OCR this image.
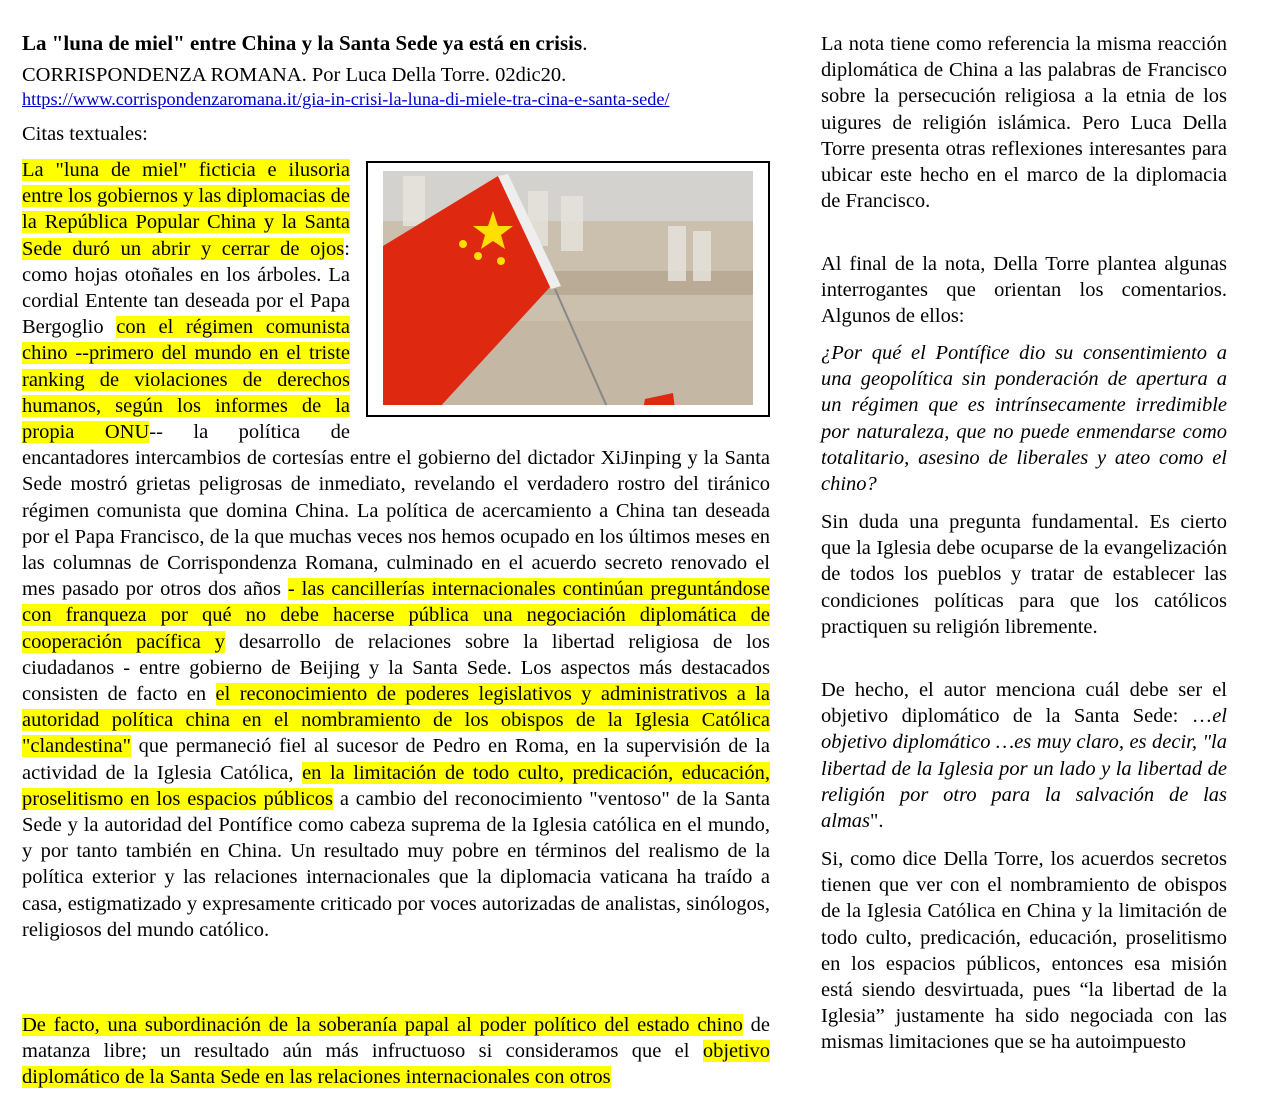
La "luna de miel" entre China y la Santa Sede ya está en crisis.
CORRISPONDENZA ROMANA. Por Luca Della Torre. 02dic20.
https://www.corrispondenzaromana.it/gia-in-crisi-la-luna-di-miele-tra-cina-e-santa-sede/
Citas textuales:

La "luna de miel" ficticia e ilusoria entre los gobiernos y las diplomacias de la República Popular China y la Santa Sede duró un abrir y cerrar de ojos: como hojas otoñales en los árboles. La cordial Entente tan deseada por el Papa Bergoglio con el régimen comunista chino --primero del mundo en el triste ranking de violaciones de derechos humanos, según los informes de la propia ONU-- la política de encantadores intercambios de cortesías entre el gobierno del dictador XiJinping y la Santa Sede mostró grietas peligrosas de inmediato, revelando el verdadero rostro del tiránico régimen comunista que domina China. La política de acercamiento a China tan deseada por el Papa Francisco, de la que muchas veces nos hemos ocupado en los últimos meses en las columnas de Corrispondenza Romana, culminado en el acuerdo secreto renovado el mes pasado por otros dos años - las cancillerías internacionales continúan preguntándose con franqueza por qué no debe hacerse pública una negociación diplomática de cooperación pacífica y desarrollo de relaciones sobre la libertad religiosa de los ciudadanos - entre gobierno de Beijing y la Santa Sede. Los aspectos más destacados consisten de facto en el reconocimiento de poderes legislativos y administrativos a la autoridad política china en el nombramiento de los obispos de la Iglesia Católica "clandestina" que permaneció fiel al sucesor de Pedro en Roma, en la supervisión de la actividad de la Iglesia Católica, en la limitación de todo culto, predicación, educación, proselitismo en los espacios públicos a cambio del reconocimiento "ventoso" de la Santa Sede y la autoridad del Pontífice como cabeza suprema de la Iglesia católica en el mundo, y por tanto también en China. Un resultado muy pobre en términos del realismo de la política exterior y las relaciones internacionales que la diplomacia vaticana ha traído a casa, estigmatizado y expresamente criticado por voces autorizadas de analistas, sinólogos, religiosos del mundo católico.

De facto, una subordinación de la soberanía papal al poder político del estado chino de matanza libre; un resultado aún más infructuoso si consideramos que el objetivo diplomático de la Santa Sede en las relaciones internacionales con otros

La nota tiene como referencia la misma reacción diplomática de China a las palabras de Francisco sobre la persecución religiosa a la etnia de los uigures de religión islámica. Pero Luca Della Torre presenta otras reflexiones interesantes para ubicar este hecho en el marco de la diplomacia de Francisco.

Al final de la nota, Della Torre plantea algunas interrogantes que orientan los comentarios. Algunos de ellos:

¿Por qué el Pontífice dio su consentimiento a una geopolítica sin ponderación de apertura a un régimen que es intrínsecamente irredimible por naturaleza, que no puede enmendarse como totalitario, asesino de liberales y ateo como el chino?

Sin duda una pregunta fundamental. Es cierto que la Iglesia debe ocuparse de la evangelización de todos los pueblos y tratar de establecer las condiciones políticas para que los católicos practiquen su religión libremente.

De hecho, el autor menciona cuál debe ser el objetivo diplomático de la Santa Sede: …el objetivo diplomático …es muy claro, es decir, "la libertad de la Iglesia por un lado y la libertad de religión por otro para la salvación de las almas".

Si, como dice Della Torre, los acuerdos secretos tienen que ver con el nombramiento de obispos de la Iglesia Católica en China y la limitación de todo culto, predicación, educación, proselitismo en los espacios públicos, entonces esa misión está siendo desvirtuada, pues “la libertad de la Iglesia” justamente ha sido negociada con las mismas limitaciones que se ha autoimpuesto
